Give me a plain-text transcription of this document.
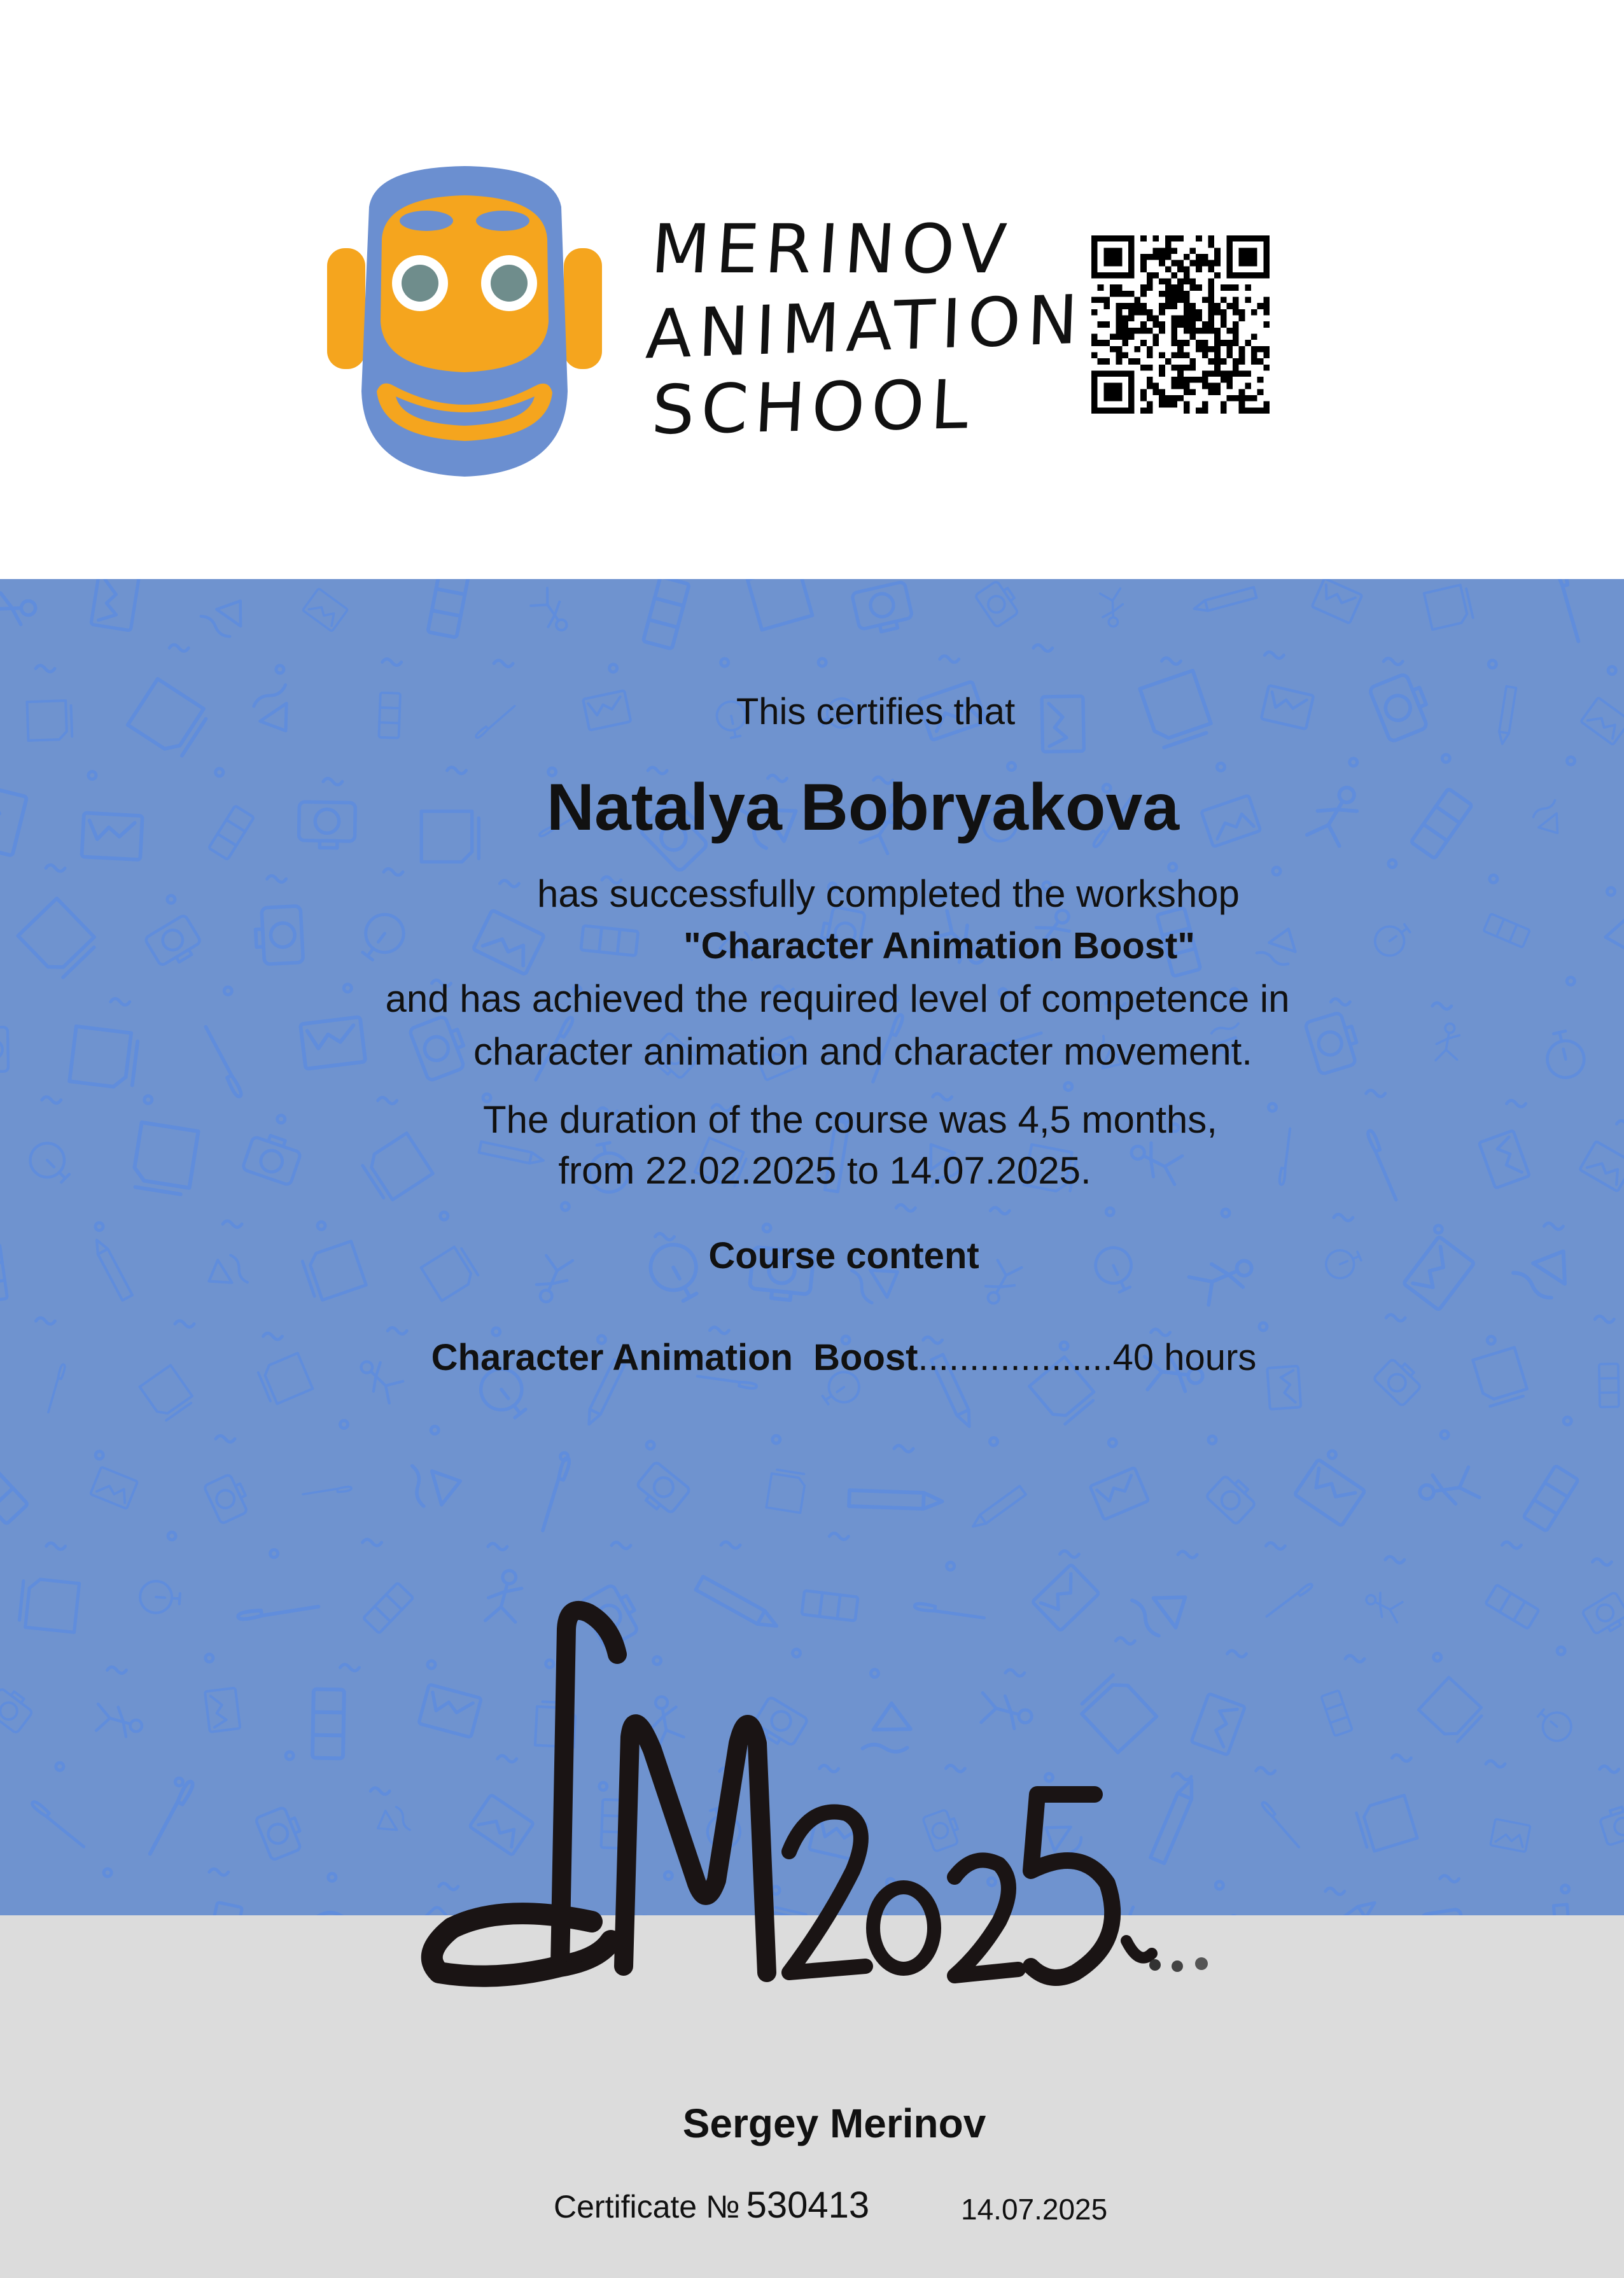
MERINOV
ANIMATION
SCHOOL
This certifies that
Natalya Bobryakova
has successfully completed the workshop
"Character Animation Boost"
and has achieved the required level of competence in
character animation and character movement.
The duration of the course was 4,5 months,
from 22.02.2025 to 14.07.2025.
Course content
Character Animation  Boost...................40 hours
Sergey Merinov
Certificate № 530413	14.07.2025
